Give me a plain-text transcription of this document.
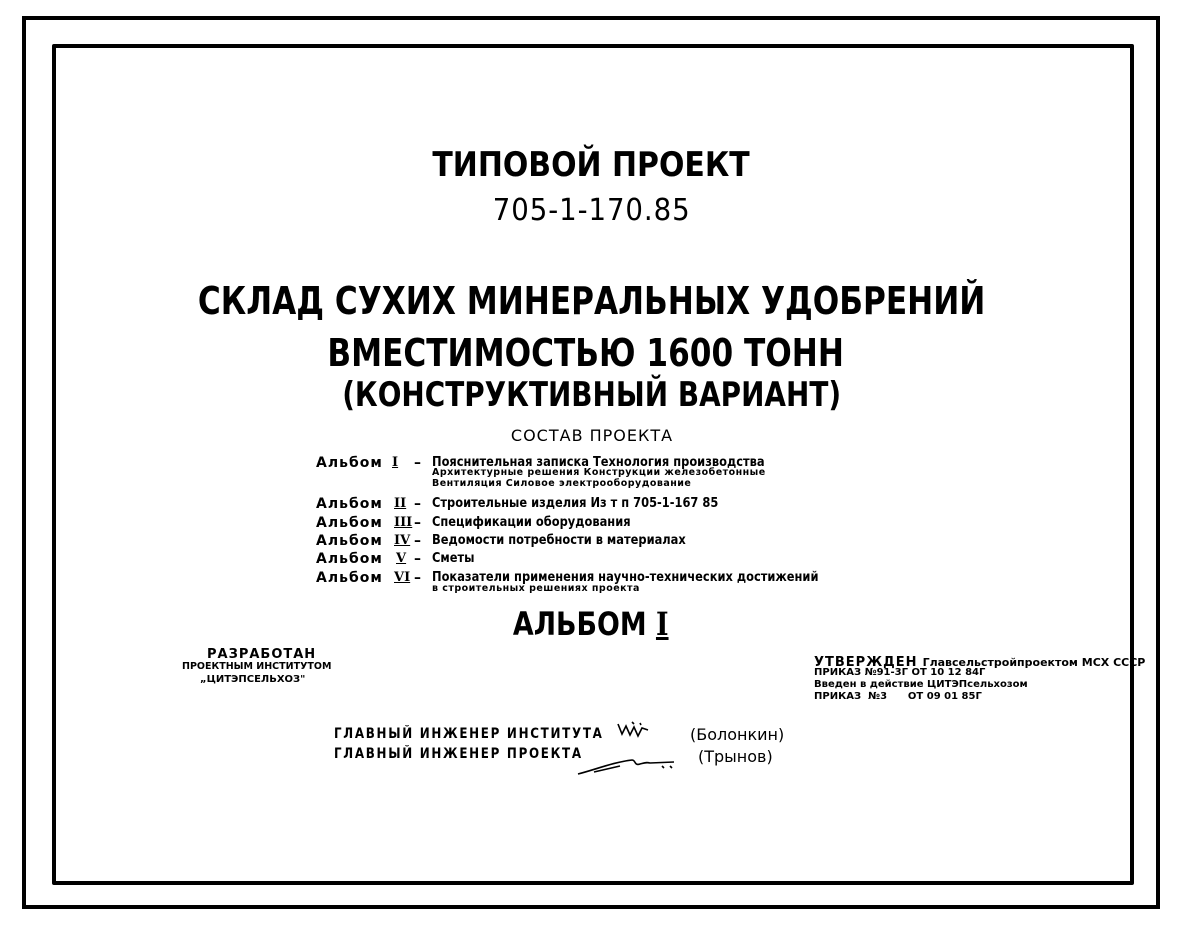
ТИПОВОЙ ПРОЕКТ
705-1-170.85
СКЛАД СУХИХ МИНЕРАЛЬНЫХ УДОБРЕНИЙ
ВМЕСТИМОСТЬЮ 1600 ТОНН
(КОНСТРУКТИВНЫЙ ВАРИАНТ)
СОСТАВ ПРОЕКТА
Альбом I – Пояснительная записка Технология производства
Архитектурные решения Конструкции железобетонные
Вентиляция Силовое электрооборудование
Альбом II – Строительные изделия Из т п 705-1-167 85
Альбом III – Спецификации оборудования
Альбом IV – Ведомости потребности в материалах
Альбом V – Сметы
Альбом VI – Показатели применения научно-технических достижений
в строительных решениях проекта
АЛЬБОМ I
РАЗРАБОТАН
ПРОЕКТНЫМ ИНСТИТУТОМ
„ЦИТЭПСЕЛЬХОЗ"
УТВЕРЖДЕН Главсельстройпроектом МСХ СССР
ПРИКАЗ №91-3Г ОТ 10 12 84Г
Введен в действие ЦИТЭПсельхозом
ПРИКАЗ  №3      ОТ 09 01 85Г
ГЛАВНЫЙ ИНЖЕНЕР ИНСТИТУТА	(Болонкин)
ГЛАВНЫЙ ИНЖЕНЕР ПРОЕКТА	(Трынов)
